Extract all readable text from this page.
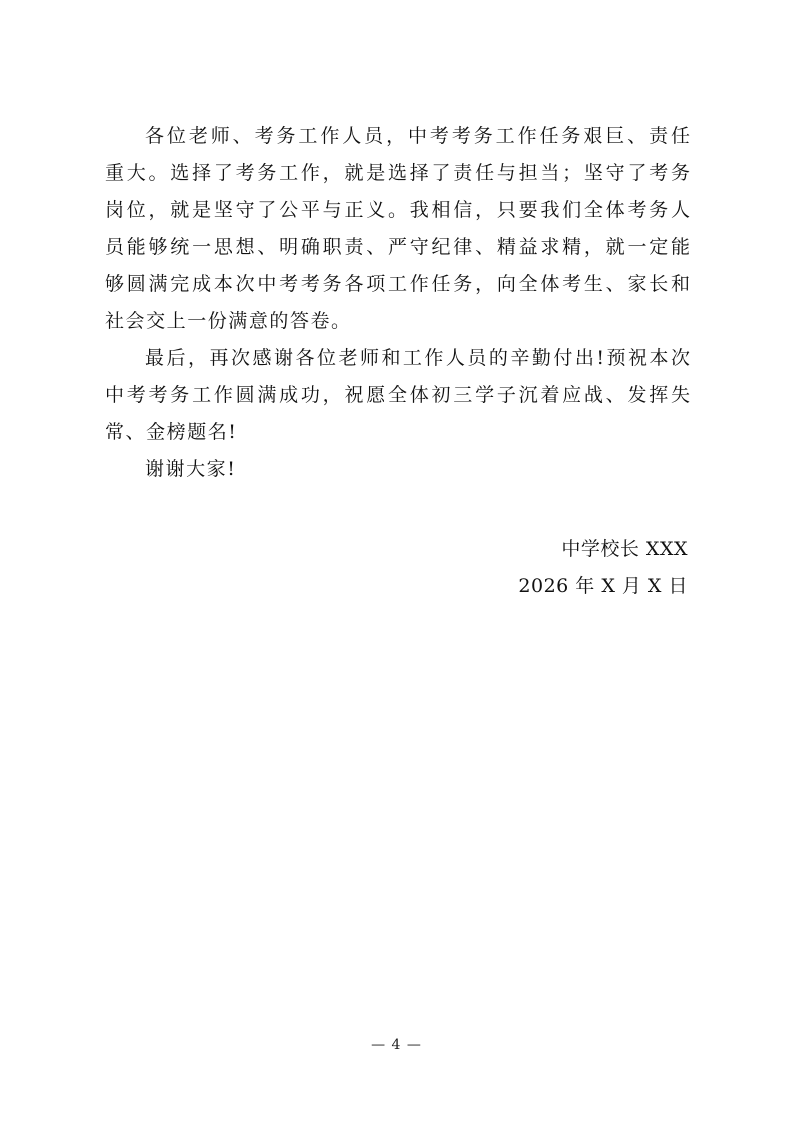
各位老师、考务工作人员，中考考务工作任务艰巨、责任
重大。选择了考务工作，就是选择了责任与担当；坚守了考务
岗位，就是坚守了公平与正义。我相信，只要我们全体考务人
员能够统一思想、明确职责、严守纪律、精益求精，就一定能
够圆满完成本次中考考务各项工作任务，向全体考生、家长和
社会交上一份满意的答卷。
最后，再次感谢各位老师和工作人员的辛勤付出!预祝本次
中考考务工作圆满成功，祝愿全体初三学子沉着应战、发挥失
常、金榜题名!
谢谢大家!
中学校长 XXX
2026 年 X 月 X 日
— 4 —
